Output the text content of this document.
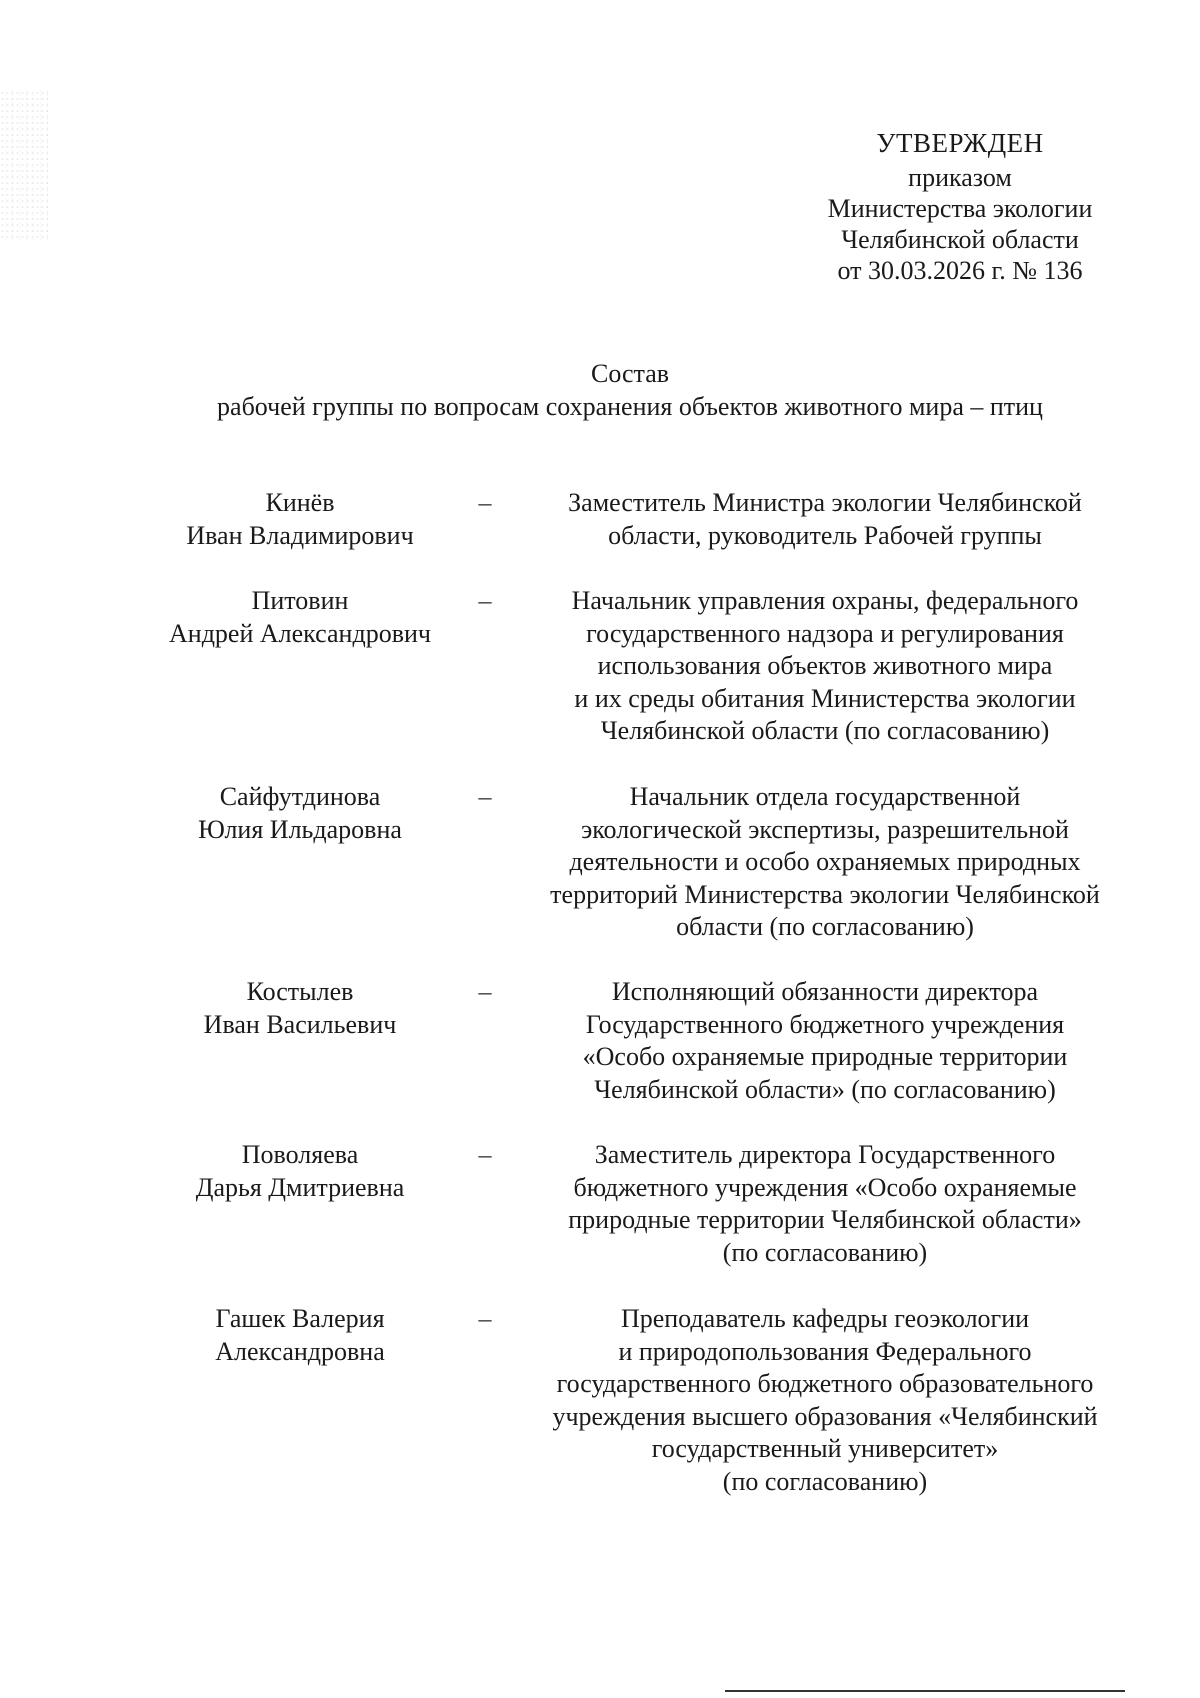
УТВЕРЖДЕН
приказом
Министерства экологии
Челябинской области
от 30.03.2026 г. № 136
Состав
рабочей группы по вопросам сохранения объектов животного мира – птиц
Кинёв
Иван Владимирович
–	Заместитель Министра экологии Челябинской
области, руководитель Рабочей группы
Питовин
Андрей Александрович
–	Начальник управления охраны, федерального
государственного надзора и регулирования
использования объектов животного мира
и их среды обитания Министерства экологии
Челябинской области (по согласованию)
Сайфутдинова
Юлия Ильдаровна
–	Начальник отдела государственной
экологической экспертизы, разрешительной
деятельности и особо охраняемых природных
территорий Министерства экологии Челябинской
области (по согласованию)
Костылев
Иван Васильевич
–	Исполняющий обязанности директора
Государственного бюджетного учреждения
«Особо охраняемые природные территории
Челябинской области» (по согласованию)
Поволяева
Дарья Дмитриевна
–	Заместитель директора Государственного
бюджетного учреждения «Особо охраняемые
природные территории Челябинской области»
(по согласованию)
Гашек Валерия
Александровна
–	Преподаватель кафедры геоэкологии
и природопользования Федерального
государственного бюджетного образовательного
учреждения высшего образования «Челябинский
государственный университет»
(по согласованию)
